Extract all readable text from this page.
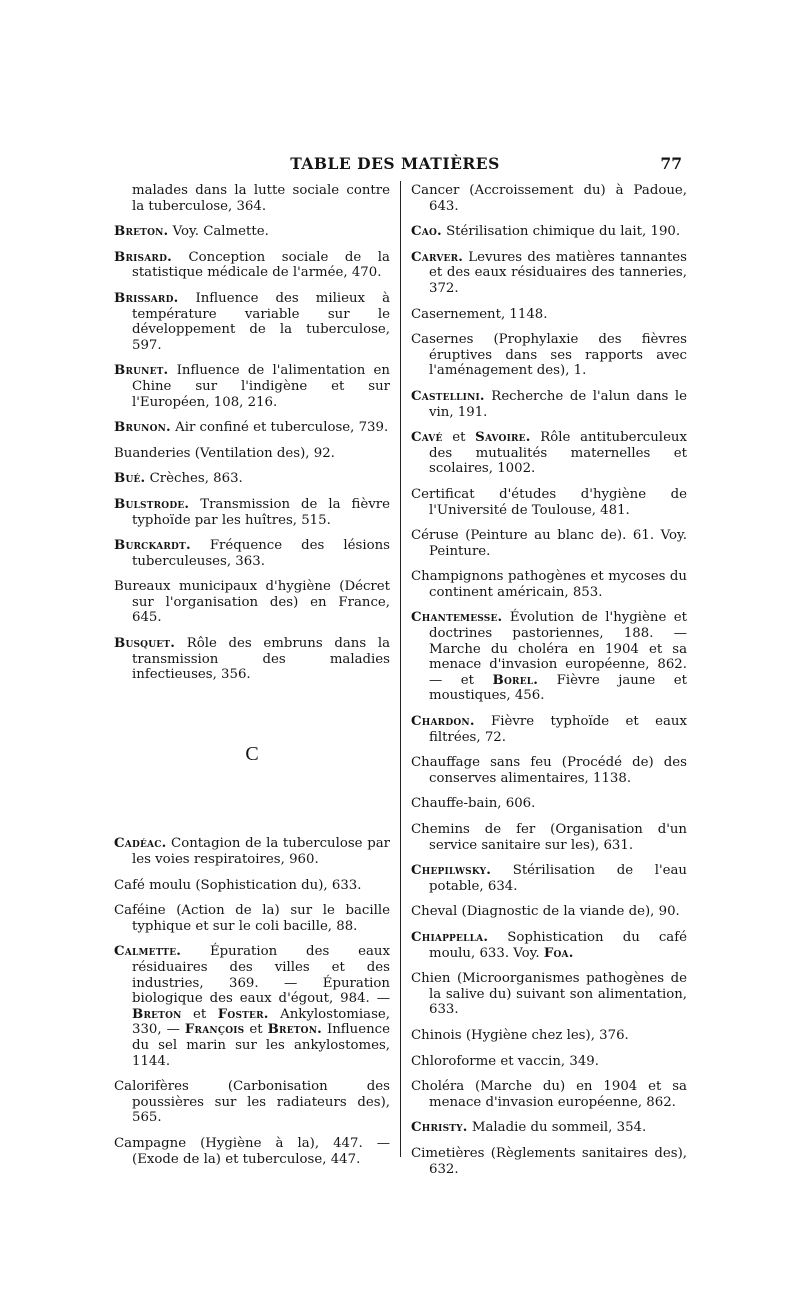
TABLE DES MATIÈRES	77
malades dans la lutte sociale contre la tuberculose, 364.
Breton. Voy. Calmette.
Brisard. Conception sociale de la statistique médicale de l'armée, 470.
Brissard. Influence des milieux à température variable sur le développement de la tuberculose, 597.
Brunet. Influence de l'alimentation en Chine sur l'indigène et sur l'Européen, 108, 216.
Brunon. Air confiné et tuberculose, 739.
Buanderies (Ventilation des), 92.
Bué. Crèches, 863.
Bulstrode. Transmission de la fièvre typhoïde par les huîtres, 515.
Burckardt. Fréquence des lésions tuberculeuses, 363.
Bureaux municipaux d'hygiène (Décret sur l'organisation des) en France, 645.
Busquet. Rôle des embruns dans la transmission des maladies infectieuses, 356.
C
Cadéac. Contagion de la tuberculose par les voies respiratoires, 960.
Café moulu (Sophistication du), 633.
Caféine (Action de la) sur le bacille typhique et sur le coli bacille, 88.
Calmette. Épuration des eaux résiduaires des villes et des industries, 369. — Épuration biologique des eaux d'égout, 984. — Breton et Foster. Ankylostomiase, 330, — François et Breton. Influence du sel marin sur les ankylostomes, 1144.
Calorifères (Carbonisation des poussières sur les radiateurs des), 565.
Campagne (Hygiène à la), 447. — (Exode de la) et tuberculose, 447.
Cancer (Accroissement du) à Padoue, 643.
Cao. Stérilisation chimique du lait, 190.
Carver. Levures des matières tannantes et des eaux résiduaires des tanneries, 372.
Casernement, 1148.
Casernes (Prophylaxie des fièvres éruptives dans ses rapports avec l'aménagement des), 1.
Castellini. Recherche de l'alun dans le vin, 191.
Cavé et Savoire. Rôle antituberculeux des mutualités maternelles et scolaires, 1002.
Certificat d'études d'hygiène de l'Université de Toulouse, 481.
Céruse (Peinture au blanc de). 61. Voy. Peinture.
Champignons pathogènes et mycoses du continent américain, 853.
Chantemesse. Évolution de l'hygiène et doctrines pastoriennes, 188. — Marche du choléra en 1904 et sa menace d'invasion européenne, 862. — et Borel. Fièvre jaune et moustiques, 456.
Chardon. Fièvre typhoïde et eaux filtrées, 72.
Chauffage sans feu (Procédé de) des conserves alimentaires, 1138.
Chauffe-bain, 606.
Chemins de fer (Organisation d'un service sanitaire sur les), 631.
Chepilwsky. Stérilisation de l'eau potable, 634.
Cheval (Diagnostic de la viande de), 90.
Chiappella. Sophistication du café moulu, 633. Voy. Foa.
Chien (Microorganismes pathogènes de la salive du) suivant son alimentation, 633.
Chinois (Hygiène chez les), 376.
Chloroforme et vaccin, 349.
Choléra (Marche du) en 1904 et sa menace d'invasion européenne, 862.
Christy. Maladie du sommeil, 354.
Cimetières (Règlements sanitaires des), 632.
